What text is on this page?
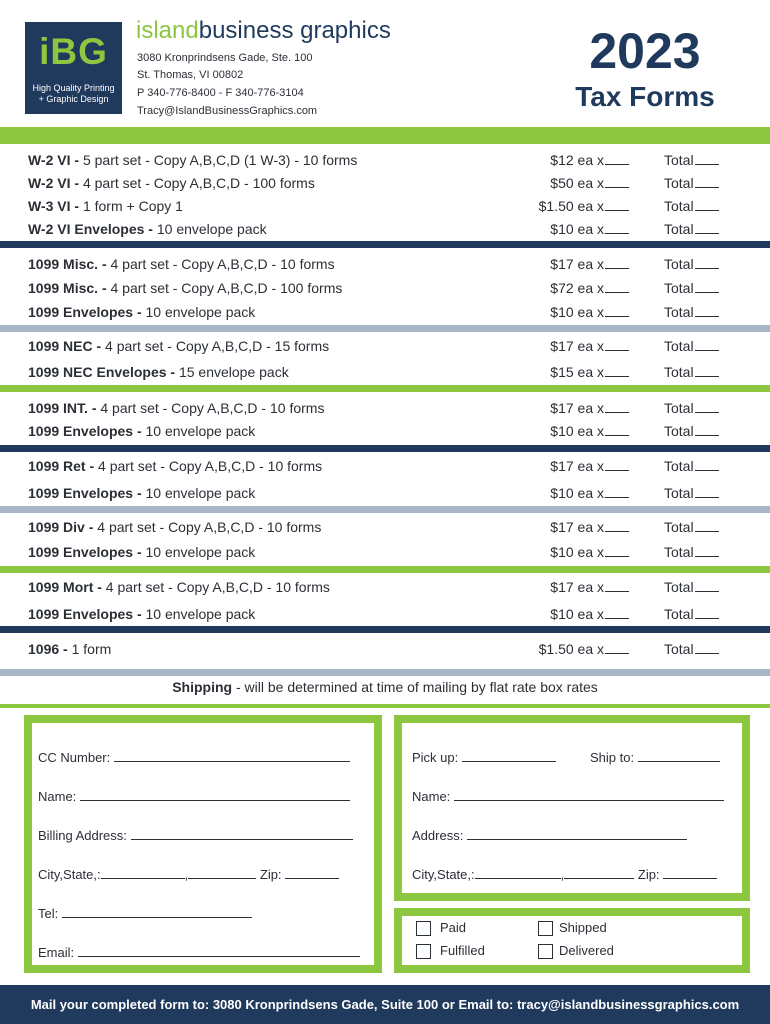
iBG
High Quality Printing
+ Graphic Design
islandbusiness graphics
3080 Kronprindsens Gade, Ste. 100
St. Thomas, VI 00802
P 340-776-8400 - F 340-776-3104
Tracy@IslandBusinessGraphics.com
2023
Tax Forms
W-2 VI - 5 part set - Copy A,B,C,D (1 W-3) - 10 forms	$12 ea x	Total
W-2 VI - 4 part set - Copy A,B,C,D - 100 forms	$50 ea x	Total
W-3 VI - 1 form + Copy 1	$1.50 ea x	Total
W-2 VI Envelopes - 10 envelope pack	$10 ea x	Total
1099 Misc. - 4 part set - Copy A,B,C,D - 10 forms	$17 ea x	Total
1099 Misc. - 4 part set - Copy A,B,C,D - 100 forms	$72 ea x	Total
1099 Envelopes - 10 envelope pack	$10 ea x	Total
1099 NEC - 4 part set - Copy A,B,C,D - 15 forms	$17 ea x	Total
1099 NEC Envelopes - 15 envelope pack	$15 ea x	Total
1099 INT. - 4 part set - Copy A,B,C,D - 10 forms	$17 ea x	Total
1099 Envelopes - 10 envelope pack	$10 ea x	Total
1099 Ret - 4 part set - Copy A,B,C,D - 10 forms	$17 ea x	Total
1099 Envelopes - 10 envelope pack	$10 ea x	Total
1099 Div - 4 part set - Copy A,B,C,D - 10 forms	$17 ea x	Total
1099 Envelopes - 10 envelope pack	$10 ea x	Total
1099 Mort - 4 part set - Copy A,B,C,D - 10 forms	$17 ea x	Total
1099 Envelopes - 10 envelope pack	$10 ea x	Total
1096 - 1 form	$1.50 ea x	Total
Shipping - will be determined at time of mailing by flat rate box rates
CC Number:
Name:
Billing Address:
City,State,:	,	Zip:
Tel:
Email:
Pick up:	Ship to:
Name:
Address:
City,State,:	,	Zip:
Paid	Shipped
Fulfilled	Delivered
Mail your completed form to: 3080 Kronprindsens Gade, Suite 100 or Email to: tracy@islandbusinessgraphics.com
